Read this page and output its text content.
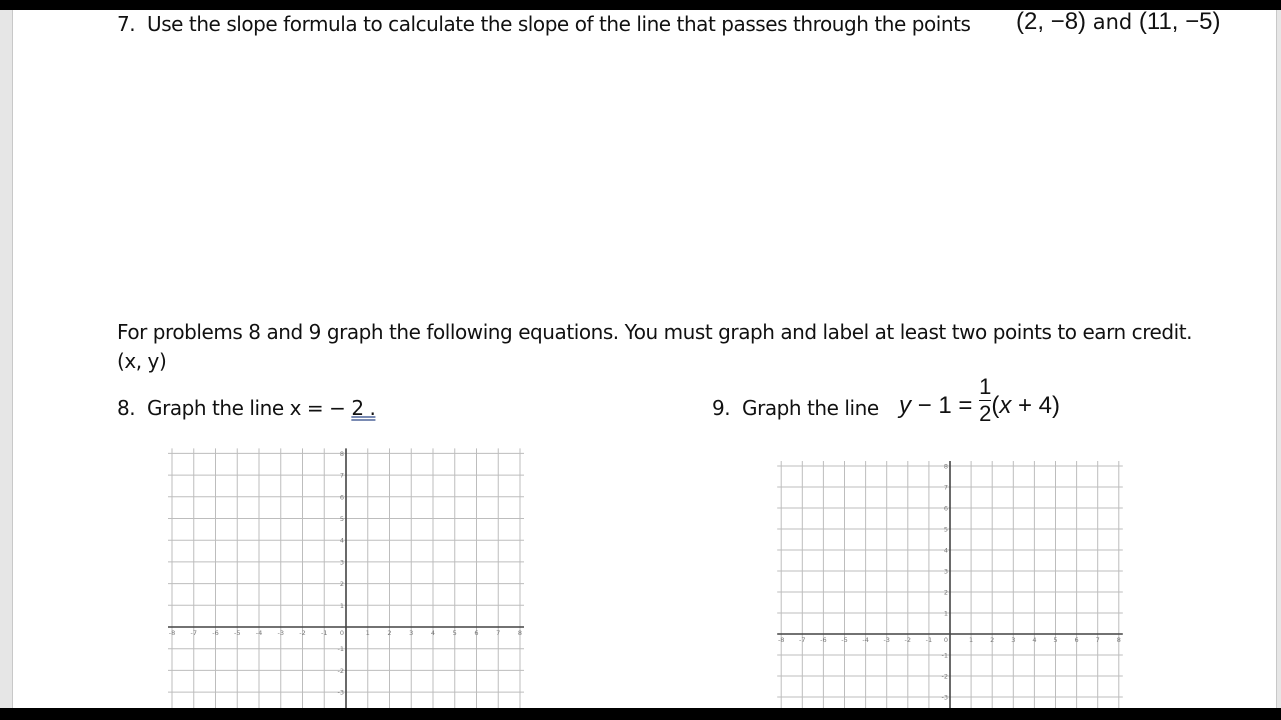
7. Use the slope formula to calculate the slope of the line that passes through the points (2, −8) and (11, −5)
For problems 8 and 9 graph the following equations. You must graph and label at least two points to earn credit.
(x, y)
8. Graph the line x = − 2 .	9. Graph the line $y - 1 = \frac{1}{2} (x + 4)$
-8 -7 -6 -5 -4 -3 -2 -1 0	1	2	3	4	5	6	7	8
8
7
6
5
4
3
2
1
-1
-2
-3
-8 -7 -6 -5 -4 -3 -2 -1 0	1	2	3	4	5	6	7	8
8
7
6
5
4
3
2
1
-1
-2
-3
